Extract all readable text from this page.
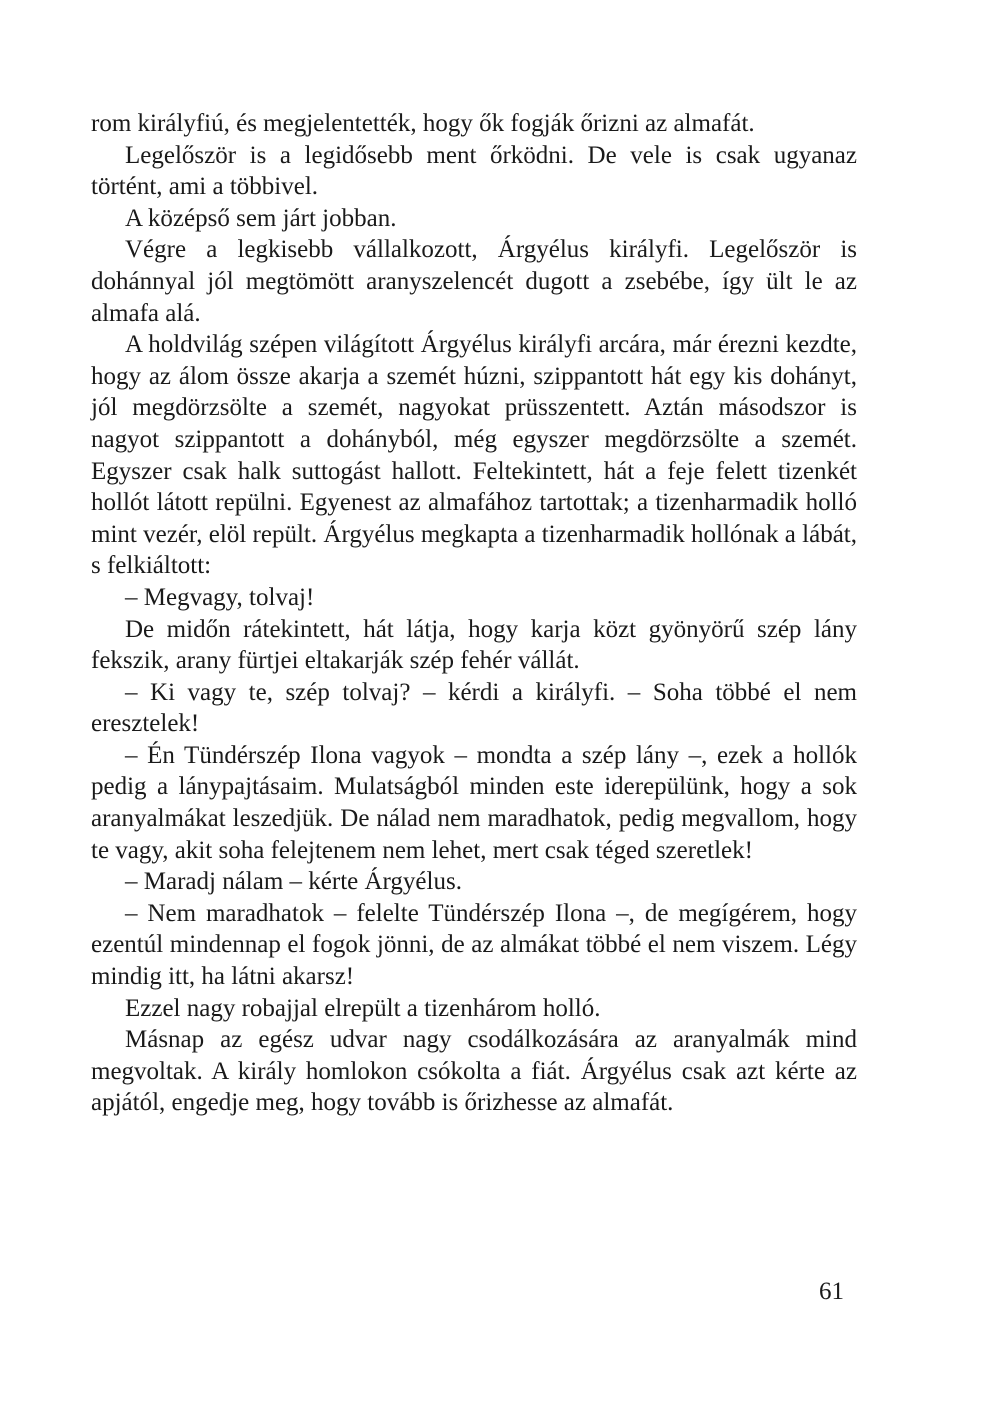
rom királyfiú, és megjelentették, hogy ők fogják őrizni az almafát.

Legelőször is a legidősebb ment őrködni. De vele is csak ugyanaz történt, ami a többivel.

A középső sem járt jobban.

Végre a legkisebb vállalkozott, Árgyélus királyfi. Legelőször is dohánnyal jól megtömött aranyszelencét dugott a zsebébe, így ült le az almafa alá.

A holdvilág szépen világított Árgyélus királyfi arcára, már érezni kezdte, hogy az álom össze akarja a szemét húzni, szippantott hát egy kis dohányt, jól megdörzsölte a szemét, nagyokat prüsszentett. Aztán másodszor is nagyot szippantott a dohányból, még egyszer megdörzsölte a szemét. Egyszer csak halk suttogást hallott. Feltekintett, hát a feje felett tizenkét hollót látott repülni. Egyenest az almafához tartottak; a tizenharmadik holló mint vezér, elöl repült. Árgyélus megkapta a tizenharmadik hollónak a lábát, s felkiáltott:

– Megvagy, tolvaj!

De midőn rátekintett, hát látja, hogy karja közt gyönyörű szép lány fekszik, arany fürtjei eltakarják szép fehér vállát.

– Ki vagy te, szép tolvaj? – kérdi a királyfi. – Soha többé el nem eresztelek!

– Én Tündérszép Ilona vagyok – mondta a szép lány –, ezek a hollók pedig a lánypajtásaim. Mulatságból minden este iderepülünk, hogy a sok aranyalmákat leszedjük. De nálad nem maradhatok, pedig megvallom, hogy te vagy, akit soha felejtenem nem lehet, mert csak téged szeretlek!

– Maradj nálam – kérte Árgyélus.

– Nem maradhatok – felelte Tündérszép Ilona –, de megígérem, hogy ezentúl mindennap el fogok jönni, de az almákat többé el nem viszem. Légy mindig itt, ha látni akarsz!

Ezzel nagy robajjal elrepült a tizenhárom holló.

Másnap az egész udvar nagy csodálkozására az aranyalmák mind megvoltak. A király homlokon csókolta a fiát. Árgyélus csak azt kérte az apjától, engedje meg, hogy tovább is őrizhesse az almafát.

61
